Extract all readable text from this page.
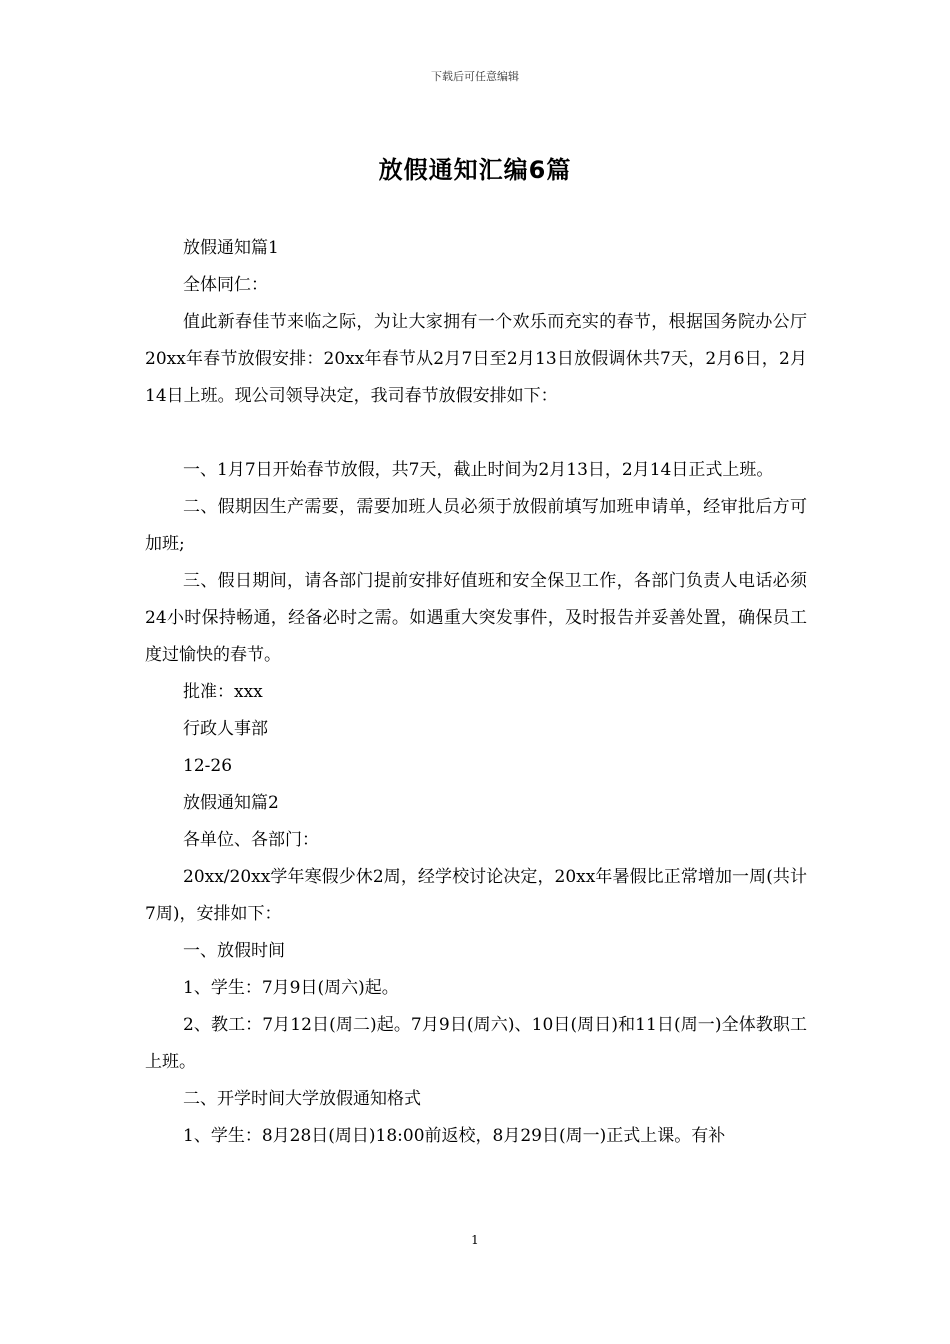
下载后可任意编辑
放假通知汇编6篇

放假通知篇1

全体同仁：

值此新春佳节来临之际，为让大家拥有一个欢乐而充实的春节，根据国务院办公厅20xx年春节放假安排：20xx年春节从2月7日至2月13日放假调休共7天，2月6日，2月14日上班。现公司领导决定，我司春节放假安排如下：

一、1月7日开始春节放假，共7天，截止时间为2月13日，2月14日正式上班。

二、假期因生产需要，需要加班人员必须于放假前填写加班申请单，经审批后方可加班;

三、假日期间，请各部门提前安排好值班和安全保卫工作，各部门负责人电话必须24小时保持畅通，经备必时之需。如遇重大突发事件，及时报告并妥善处置，确保员工度过愉快的春节。

批准：xxx

行政人事部

12-26

放假通知篇2

各单位、各部门：

20xx/20xx学年寒假少休2周，经学校讨论决定，20xx年暑假比正常增加一周(共计7周)，安排如下：

一、放假时间

1、学生：7月9日(周六)起。

2、教工：7月12日(周二)起。7月9日(周六)、10日(周日)和11日(周一)全体教职工上班。

二、开学时间大学放假通知格式

1、学生：8月28日(周日)18:00前返校，8月29日(周一)正式上课。有补

1
